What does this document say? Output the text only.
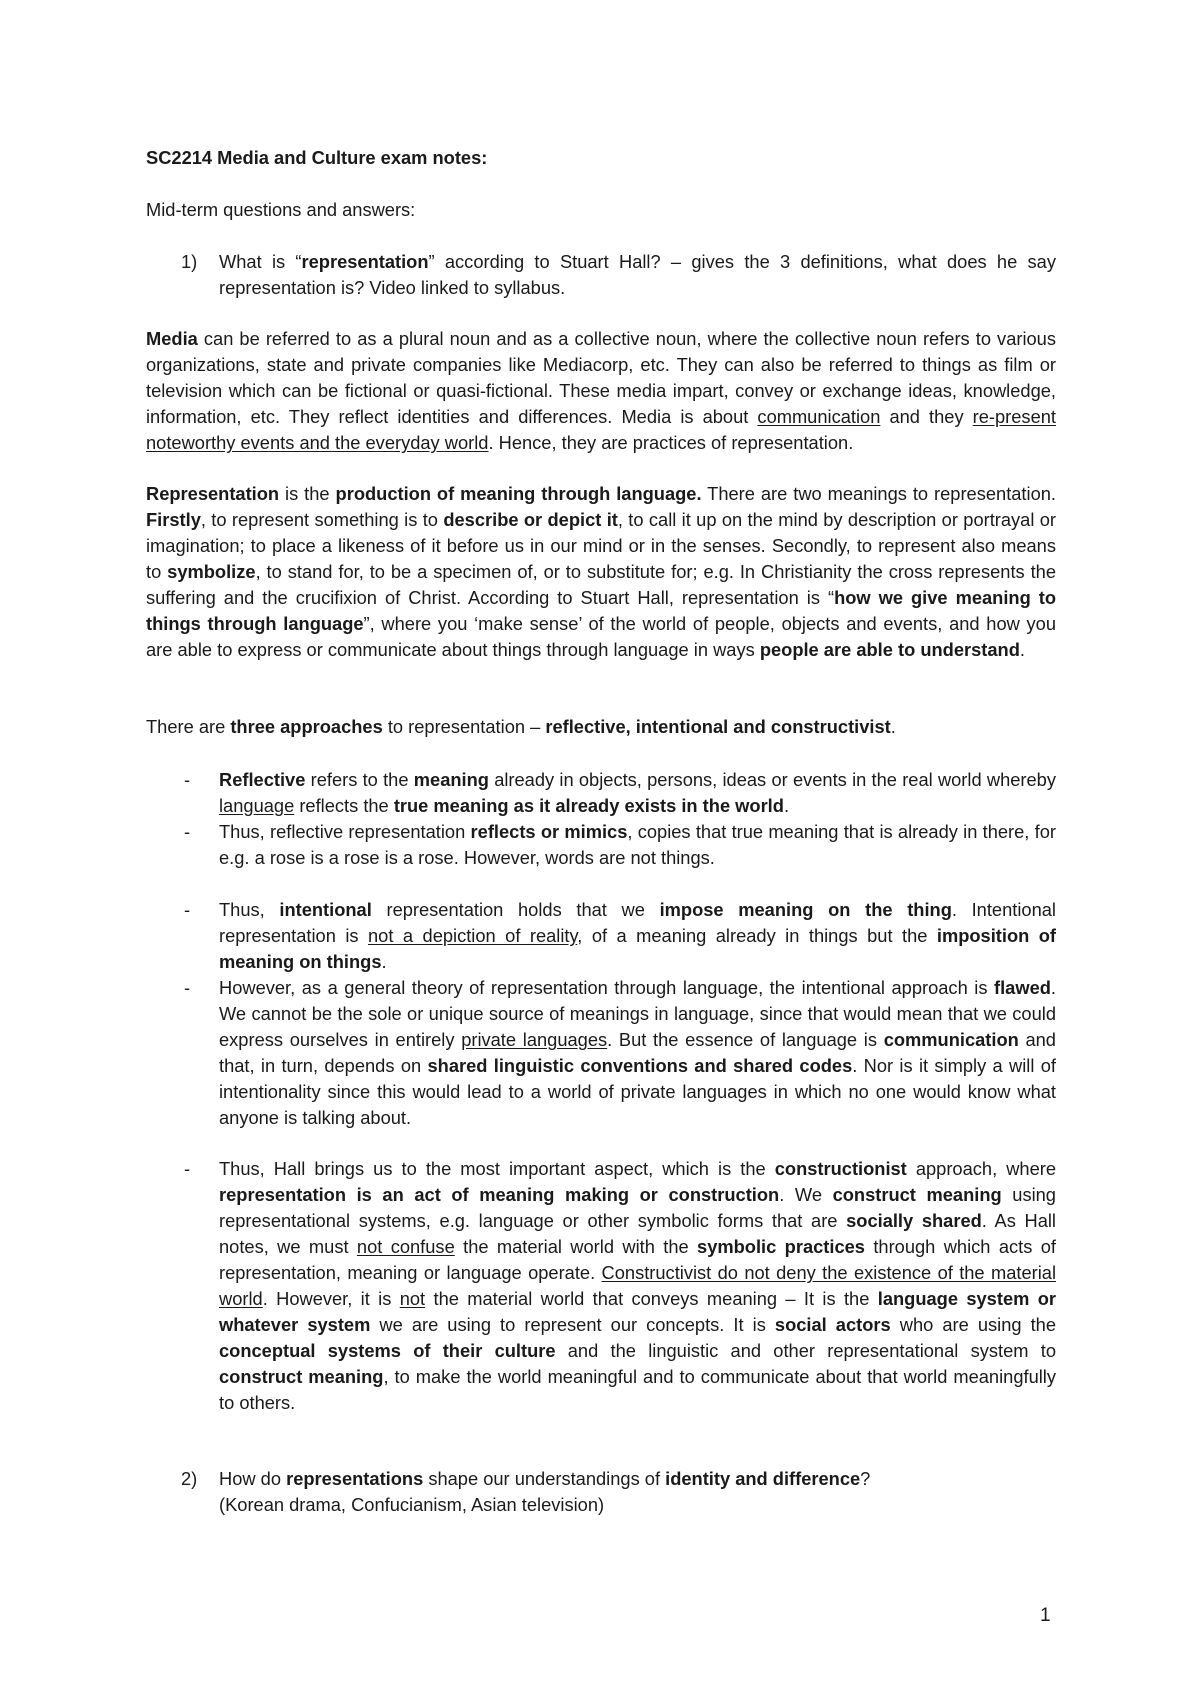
SC2214 Media and Culture exam notes:
Mid-term questions and answers:
1) What is “representation” according to Stuart Hall? – gives the 3 definitions, what does he say representation is? Video linked to syllabus.
Media can be referred to as a plural noun and as a collective noun, where the collective noun refers to various organizations, state and private companies like Mediacorp, etc. They can also be referred to things as film or television which can be fictional or quasi-fictional. These media impart, convey or exchange ideas, knowledge, information, etc. They reflect identities and differences. Media is about communication and they re-present noteworthy events and the everyday world. Hence, they are practices of representation.
Representation is the production of meaning through language. There are two meanings to representation. Firstly, to represent something is to describe or depict it, to call it up on the mind by description or portrayal or imagination; to place a likeness of it before us in our mind or in the senses. Secondly, to represent also means to symbolize, to stand for, to be a specimen of, or to substitute for; e.g. In Christianity the cross represents the suffering and the crucifixion of Christ. According to Stuart Hall, representation is “how we give meaning to things through language”, where you ‘make sense’ of the world of people, objects and events, and how you are able to express or communicate about things through language in ways people are able to understand.
There are three approaches to representation – reflective, intentional and constructivist.
- Reflective refers to the meaning already in objects, persons, ideas or events in the real world whereby language reflects the true meaning as it already exists in the world.
- Thus, reflective representation reflects or mimics, copies that true meaning that is already in there, for e.g. a rose is a rose is a rose. However, words are not things.
- Thus, intentional representation holds that we impose meaning on the thing. Intentional representation is not a depiction of reality, of a meaning already in things but the imposition of meaning on things.
- However, as a general theory of representation through language, the intentional approach is flawed. We cannot be the sole or unique source of meanings in language, since that would mean that we could express ourselves in entirely private languages. But the essence of language is communication and that, in turn, depends on shared linguistic conventions and shared codes. Nor is it simply a will of intentionality since this would lead to a world of private languages in which no one would know what anyone is talking about.
- Thus, Hall brings us to the most important aspect, which is the constructionist approach, where representation is an act of meaning making or construction. We construct meaning using representational systems, e.g. language or other symbolic forms that are socially shared. As Hall notes, we must not confuse the material world with the symbolic practices through which acts of representation, meaning or language operate. Constructivist do not deny the existence of the material world. However, it is not the material world that conveys meaning – It is the language system or whatever system we are using to represent our concepts. It is social actors who are using the conceptual systems of their culture and the linguistic and other representational system to construct meaning, to make the world meaningful and to communicate about that world meaningfully to others.
2) How do representations shape our understandings of identity and difference?
(Korean drama, Confucianism, Asian television)
1
